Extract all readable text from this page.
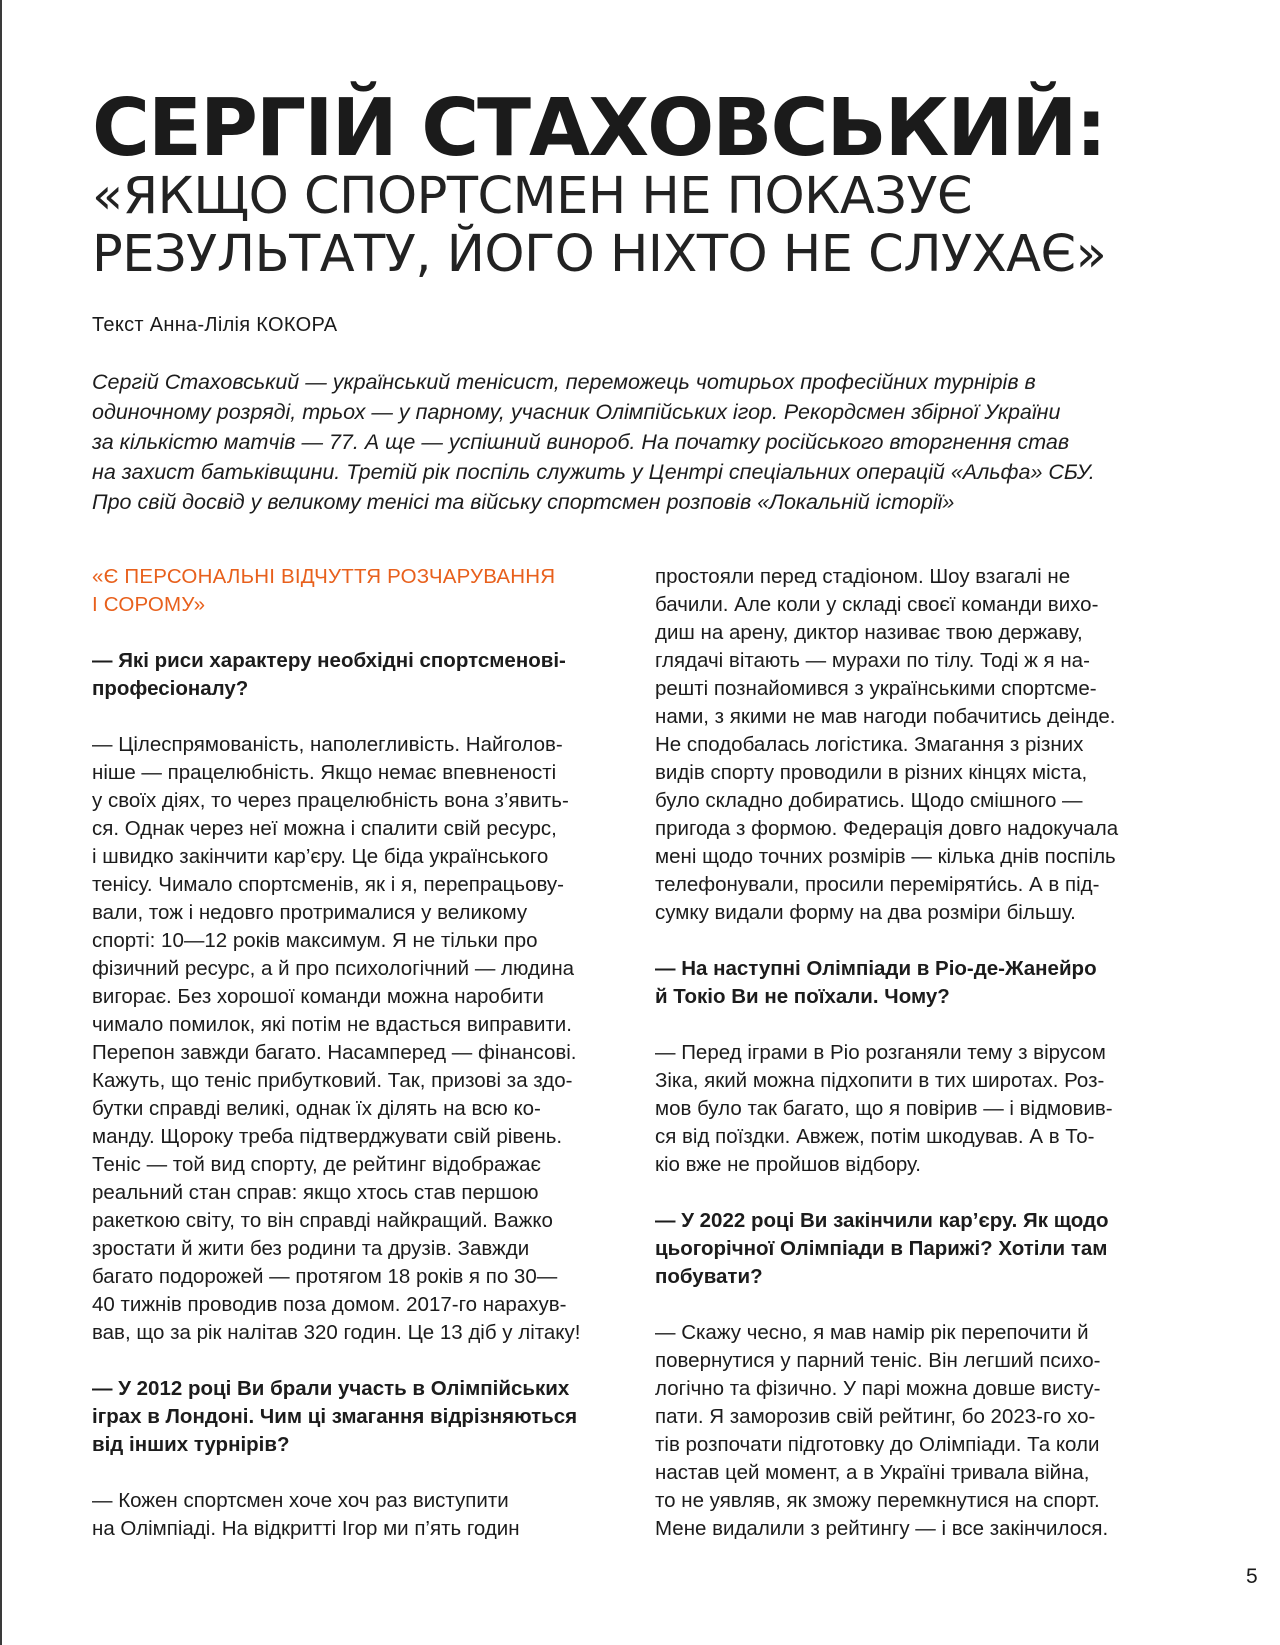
СЕРГІЙ СТАХОВСЬКИЙ:
«ЯКЩО СПОРТСМЕН НЕ ПОКАЗУЄ
РЕЗУЛЬТАТУ, ЙОГО НІХТО НЕ СЛУХАЄ»
Текст Анна-Лілія КОКОРА

Сергій Стаховський — український тенісист, переможець чотирьох професійних турнірів в
одиночному розряді, трьох — у парному, учасник Олімпійських ігор. Рекордсмен збірної України
за кількістю матчів — 77. А ще — успішний винороб. На початку російського вторгнення став
на захист батьківщини. Третій рік поспіль служить у Центрі спеціальних операцій «Альфа» СБУ.
Про свій досвід у великому тенісі та війську спортсмен розповів «Локальній історії»

«Є ПЕРСОНАЛЬНІ ВІДЧУТТЯ РОЗЧАРУВАННЯ
І СОРОМУ»

— Які риси характеру необхідні спортсменові-
професіоналу?

— Цілеспрямованість, наполегливість. Найголов-
ніше — працелюбність. Якщо немає впевненості
у своїх діях, то через працелюбність вона з’явить-
ся. Однак через неї можна і спалити свій ресурс,
і швидко закінчити кар’єру. Це біда українського
тенісу. Чимало спортсменів, як і я, перепрацьову-
вали, тож і недовго протрималися у великому
спорті: 10—12 років максимум. Я не тільки про
фізичний ресурс, а й про психологічний — людина
вигорає. Без хорошої команди можна наробити
чимало помилок, які потім не вдасться виправити.
Перепон завжди багато. Насамперед — фінансові.
Кажуть, що теніс прибутковий. Так, призові за здо-
бутки справді великі, однак їх ділять на всю ко-
манду. Щороку треба підтверджувати свій рівень.
Теніс — той вид спорту, де рейтинг відображає
реальний стан справ: якщо хтось став першою
ракеткою світу, то він справді найкращий. Важко
зростати й жити без родини та друзів. Завжди
багато подорожей — протягом 18 років я по 30—
40 тижнів проводив поза домом. 2017-го нарахув-
вав, що за рік налітав 320 годин. Це 13 діб у літаку!

— У 2012 році Ви брали участь в Олімпійських
іграх в Лондоні. Чим ці змагання відрізняються
від інших турнірів?

— Кожен спортсмен хоче хоч раз виступити
на Олімпіаді. На відкритті Ігор ми п’ять годин

простояли перед стадіоном. Шоу взагалі не
бачили. Але коли у складі своєї команди вихо-
диш на арену, диктор називає твою державу,
глядачі вітають — мурахи по тілу. Тоді ж я на-
решті познайомився з українськими спортсме-
нами, з якими не мав нагоди побачитись деінде.
Не сподобалась логістика. Змагання з різних
видів спорту проводили в різних кінцях міста,
було складно добиратись. Щодо смішного —
пригода з формою. Федерація довго надокучала
мені щодо точних розмірів — кілька днів поспіль
телефонували, просили переміряти́сь. А в під-
сумку видали форму на два розміри більшу.

— На наступні Олімпіади в Ріо-де-Жанейро
й Токіо Ви не поїхали. Чому?

— Перед іграми в Ріо розганяли тему з вірусом
Зіка, який можна підхопити в тих широтах. Роз-
мов було так багато, що я повірив — і відмовив-
ся від поїздки. Авжеж, потім шкодував. А в То-
кіо вже не пройшов відбору.

— У 2022 році Ви закінчили кар’єру. Як щодо
цьогорічної Олімпіади в Парижі? Хотіли там
побувати?

— Скажу чесно, я мав намір рік перепочити й
повернутися у парний теніс. Він легший психо-
логічно та фізично. У парі можна довше висту-
пати. Я заморозив свій рейтинг, бо 2023-го хо-
тів розпочати підготовку до Олімпіади. Та коли
настав цей момент, а в Україні тривала війна,
то не уявляв, як зможу перемкнутися на спорт.
Мене видалили з рейтингу — і все закінчилося.

5
